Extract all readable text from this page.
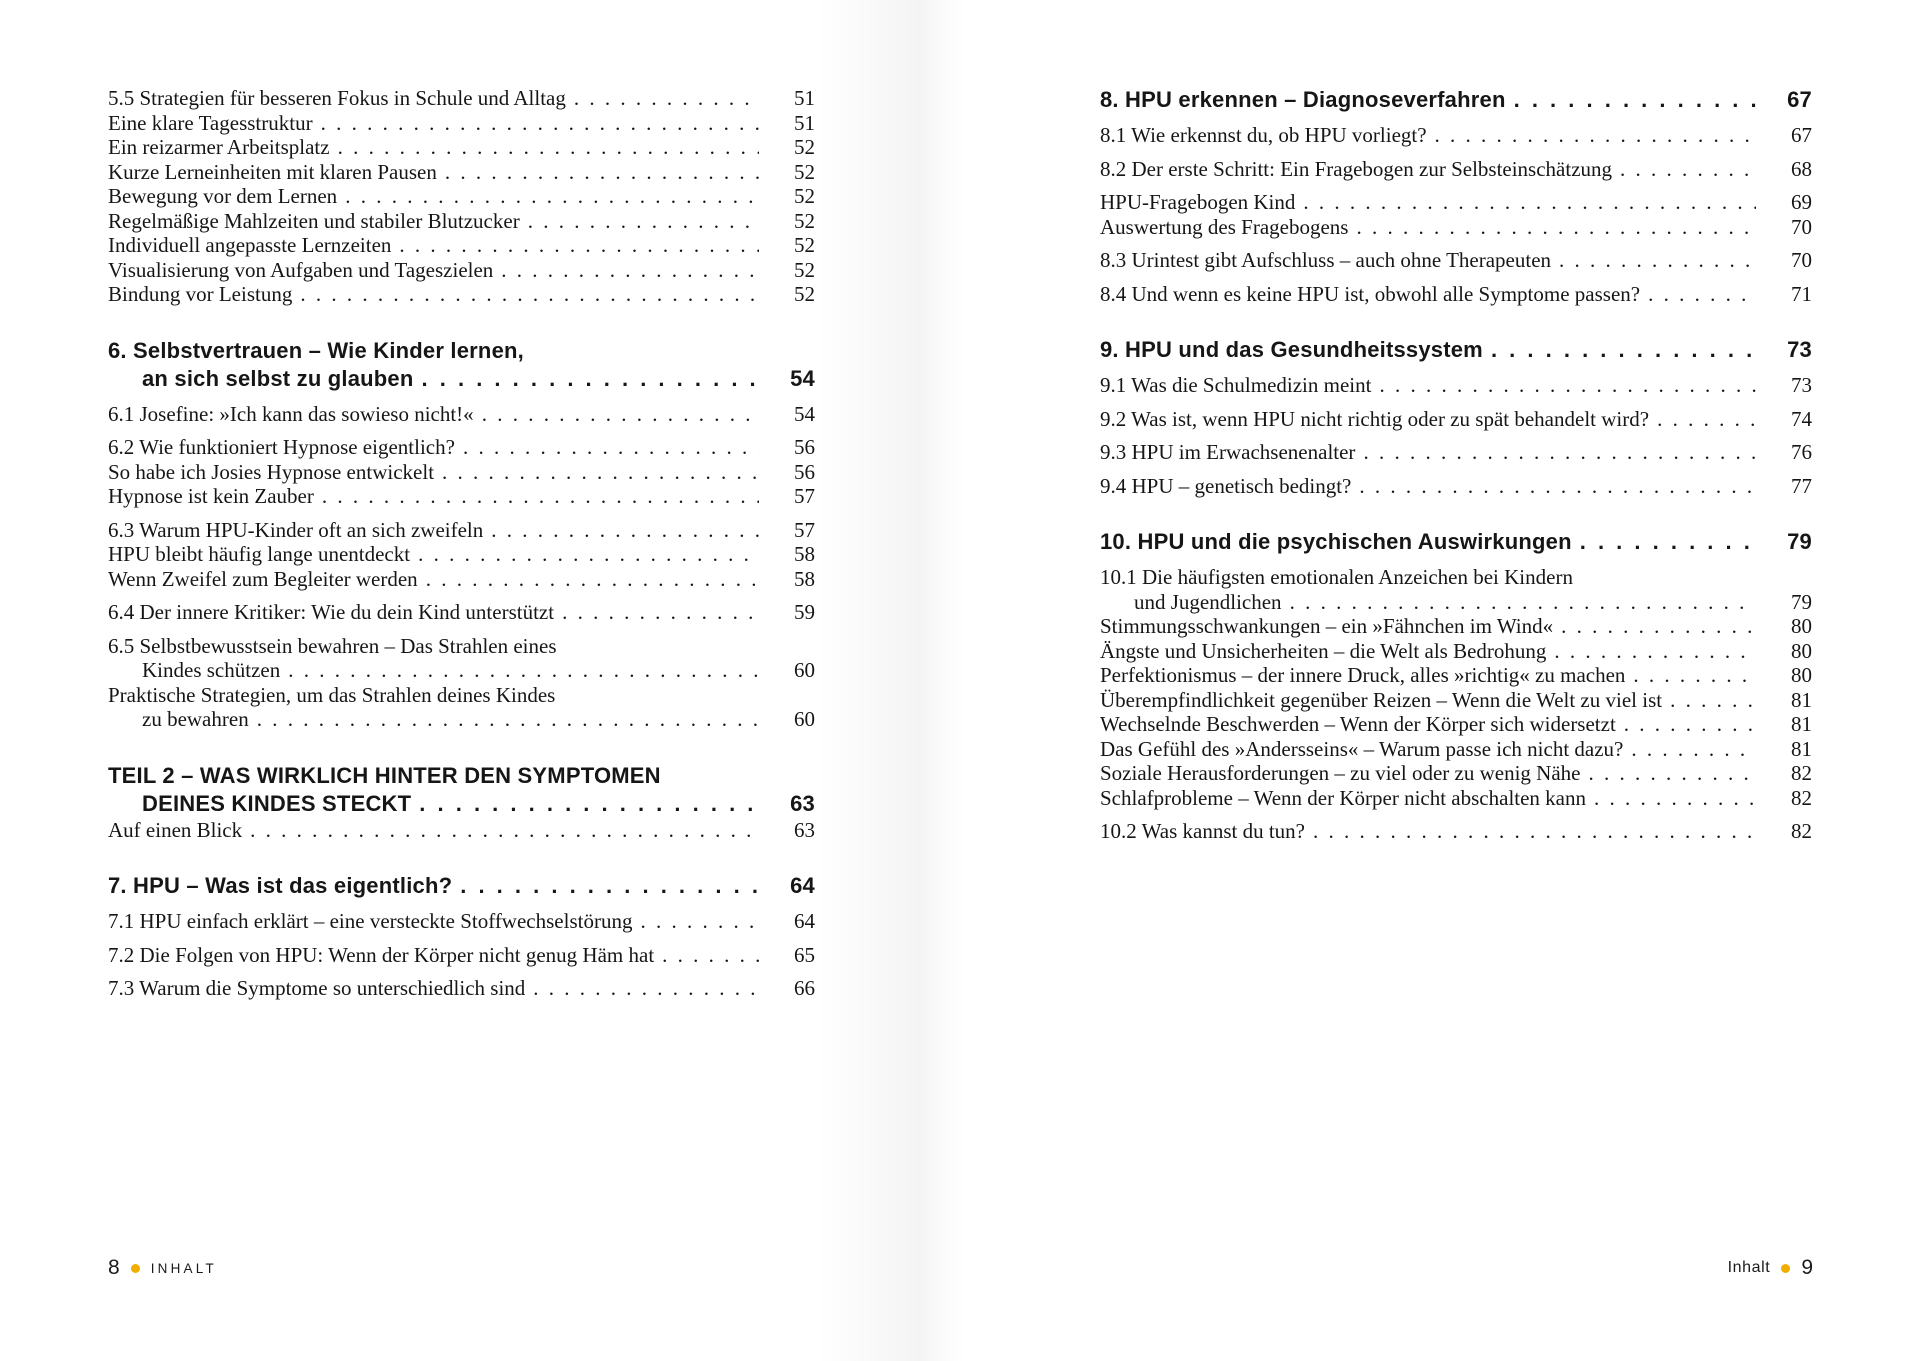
5.5 Strategien für besseren Fokus in Schule und Alltag . . .	51
Eine klare Tagesstruktur . . .	51
Ein reizarmer Arbeitsplatz . . .	52
Kurze Lerneinheiten mit klaren Pausen . . .	52
Bewegung vor dem Lernen . . .	52
Regelmäßige Mahlzeiten und stabiler Blutzucker . . .	52
Individuell angepasste Lernzeiten . . .	52
Visualisierung von Aufgaben und Tageszielen . . .	52
Bindung vor Leistung . . .	52
6. Selbstvertrauen – Wie Kinder lernen,
an sich selbst zu glauben . . .	54
6.1 Josefine: »Ich kann das sowieso nicht!« . . .	54
6.2 Wie funktioniert Hypnose eigentlich? . . .	56
So habe ich Josies Hypnose entwickelt . . .	56
Hypnose ist kein Zauber . . .	57
6.3 Warum HPU-Kinder oft an sich zweifeln . . .	57
HPU bleibt häufig lange unentdeckt . . .	58
Wenn Zweifel zum Begleiter werden . . .	58
6.4 Der innere Kritiker: Wie du dein Kind unterstützt . . .	59
6.5 Selbstbewusstsein bewahren – Das Strahlen eines
Kindes schützen . . .	60
Praktische Strategien, um das Strahlen deines Kindes
zu bewahren . . .	60
TEIL 2 – WAS WIRKLICH HINTER DEN SYMPTOMEN
DEINES KINDES STECKT . . .	63
Auf einen Blick . . .	63
7. HPU – Was ist das eigentlich? . . .	64
7.1 HPU einfach erklärt – eine versteckte Stoffwechselstörung . . .	64
7.2 Die Folgen von HPU: Wenn der Körper nicht genug Häm hat . . .	65
7.3 Warum die Symptome so unterschiedlich sind . . .	66
8 INHALT
8. HPU erkennen – Diagnoseverfahren . . .	67
8.1 Wie erkennst du, ob HPU vorliegt? . . .	67
8.2 Der erste Schritt: Ein Fragebogen zur Selbsteinschätzung . . .	68
HPU-Fragebogen Kind . . .	69
Auswertung des Fragebogens . . .	70
8.3 Urintest gibt Aufschluss – auch ohne Therapeuten . . .	70
8.4 Und wenn es keine HPU ist, obwohl alle Symptome passen? . . .	71
9. HPU und das Gesundheitssystem . . .	73
9.1 Was die Schulmedizin meint . . .	73
9.2 Was ist, wenn HPU nicht richtig oder zu spät behandelt wird? . . .	74
9.3 HPU im Erwachsenenalter . . .	76
9.4 HPU – genetisch bedingt? . . .	77
10. HPU und die psychischen Auswirkungen . . .	79
10.1 Die häufigsten emotionalen Anzeichen bei Kindern
und Jugendlichen . . .	79
Stimmungsschwankungen – ein »Fähnchen im Wind« . . .	80
Ängste und Unsicherheiten – die Welt als Bedrohung . . .	80
Perfektionismus – der innere Druck, alles »richtig« zu machen . . .	80
Überempfindlichkeit gegenüber Reizen – Wenn die Welt zu viel ist . . .	81
Wechselnde Beschwerden – Wenn der Körper sich widersetzt . . .	81
Das Gefühl des »Andersseins« – Warum passe ich nicht dazu? . . .	81
Soziale Herausforderungen – zu viel oder zu wenig Nähe . . .	82
Schlafprobleme – Wenn der Körper nicht abschalten kann . . .	82
10.2 Was kannst du tun? . . .	82
Inhalt 9
